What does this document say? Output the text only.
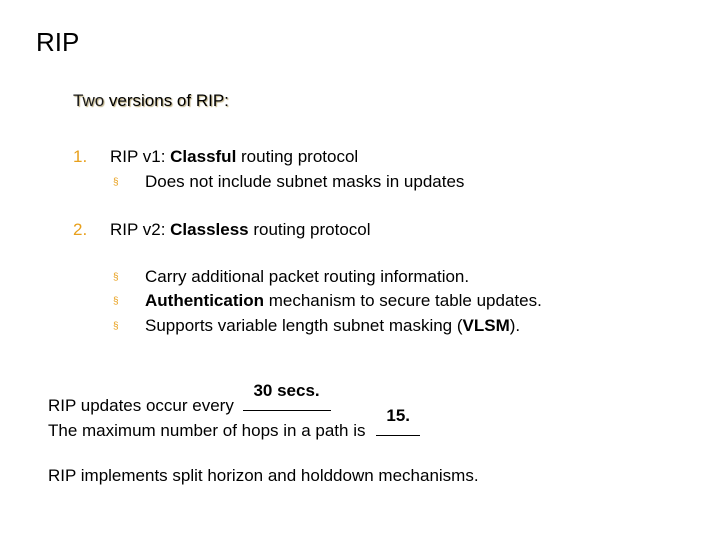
RIP
Two versions of RIP:
1. RIP v1: Classful routing protocol
§ Does not include subnet masks in updates
2. RIP v2: Classless routing protocol
§ Carry additional packet routing information.
§ Authentication mechanism to secure table updates.
§ Supports variable length subnet masking (VLSM).
RIP updates occur every
30 secs.
The maximum number of hops in a path is
15.
RIP implements split horizon and holddown mechanisms.
